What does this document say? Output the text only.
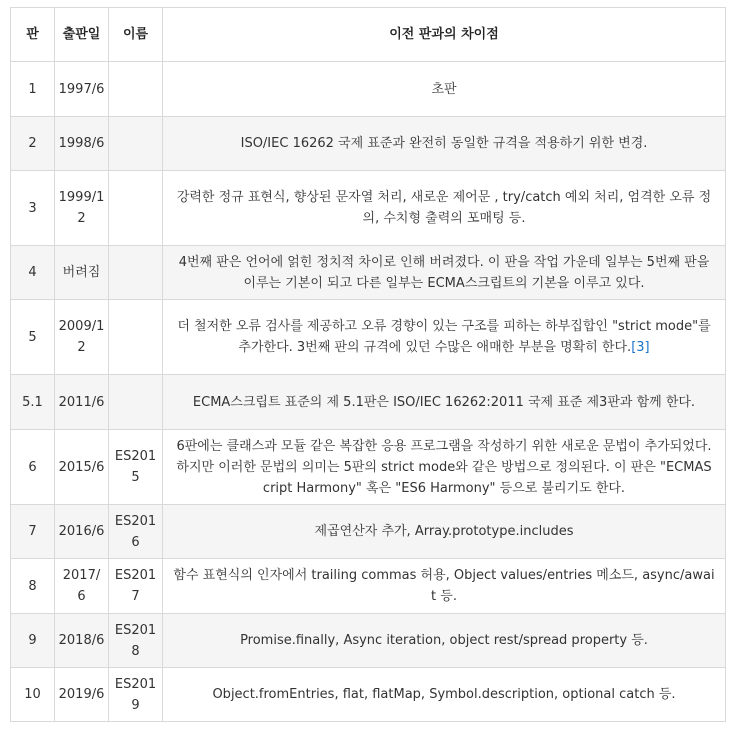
판	출판일	이름	이전 판과의 차이점
1	1997/6		초판
2	1998/6		ISO/IEC 16262 국제 표준과 완전히 동일한 규격을 적용하기 위한 변경.
3	1999/12		강력한 정규 표현식, 향상된 문자열 처리, 새로운 제어문 , try/catch 예외 처리, 엄격한 오류 정의, 수치형 출력의 포매팅 등.
4	버려짐		4번째 판은 언어에 얽힌 정치적 차이로 인해 버려졌다. 이 판을 작업 가운데 일부는 5번째 판을 이루는 기본이 되고 다른 일부는 ECMA스크립트의 기본을 이루고 있다.
5	2009/12		더 철저한 오류 검사를 제공하고 오류 경향이 있는 구조를 피하는 하부집합인 "strict mode"를 추가한다. 3번째 판의 규격에 있던 수많은 애매한 부분을 명확히 한다.[3]
5.1	2011/6		ECMA스크립트 표준의 제 5.1판은 ISO/IEC 16262:2011 국제 표준 제3판과 함께 한다.
6	2015/6	ES2015	6판에는 클래스과 모듈 같은 복잡한 응용 프로그램을 작성하기 위한 새로운 문법이 추가되었다. 하지만 이러한 문법의 의미는 5판의 strict mode와 같은 방법으로 정의된다. 이 판은 "ECMAScript Harmony" 혹은 "ES6 Harmony" 등으로 불리기도 한다.
7	2016/6	ES2016	제곱연산자 추가, Array.prototype.includes
8	2017/ 6	ES2017	함수 표현식의 인자에서 trailing commas 허용, Object values/entries 메소드, async/await 등.
9	2018/6	ES2018	Promise.finally, Async iteration, object rest/spread property 등.
10	2019/6	ES2019	Object.fromEntries, flat, flatMap, Symbol.description, optional catch 등.
